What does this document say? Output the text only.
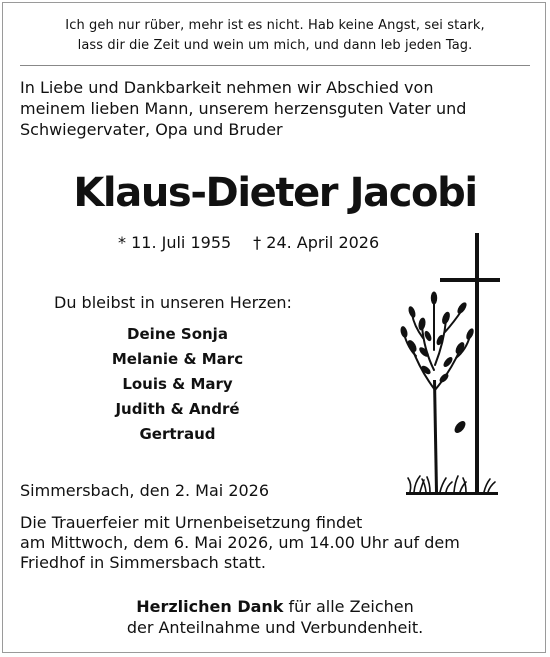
Ich geh nur rüber, mehr ist es nicht. Hab keine Angst, sei stark,
lass dir die Zeit und wein um mich, und dann leb jeden Tag.
In Liebe und Dankbarkeit nehmen wir Abschied von
meinem lieben Mann, unserem herzensguten Vater und
Schwiegervater, Opa und Bruder
Klaus-Dieter Jacobi
* 11. Juli 1955 † 24. April 2026
Du bleibst in unseren Herzen:
Deine Sonja
Melanie & Marc
Louis & Mary
Judith & André
Gertraud
Simmersbach, den 2. Mai 2026
Die Trauerfeier mit Urnenbeisetzung findet
am Mittwoch, dem 6. Mai 2026, um 14.00 Uhr auf dem
Friedhof in Simmersbach statt.
Herzlichen Dank für alle Zeichen
der Anteilnahme und Verbundenheit.
